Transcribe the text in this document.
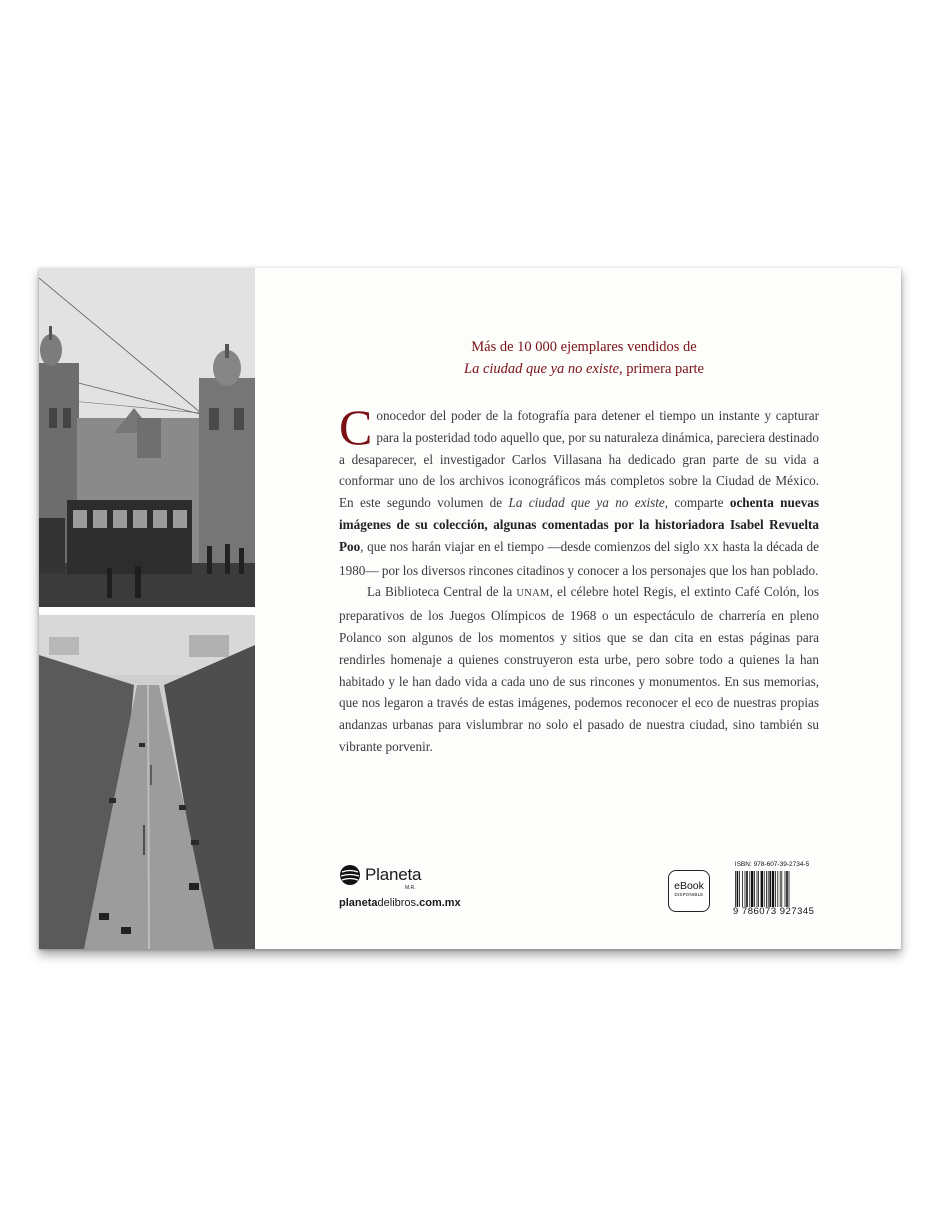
Más de 10 000 ejemplares vendidos de
La ciudad que ya no existe, primera parte

Conocedor del poder de la fotografía para detener el tiempo un instante y capturar para la posteridad todo aquello que, por su naturaleza dinámica, pareciera destinado a desaparecer, el investigador Carlos Villasana ha dedicado gran parte de su vida a conformar uno de los archivos iconográficos más completos sobre la Ciudad de México. En este segundo volumen de La ciudad que ya no existe, comparte ochenta nuevas imágenes de su colección, algunas comentadas por la historiadora Isabel Revuelta Poo, que nos harán viajar en el tiempo —desde comienzos del siglo XX hasta la década de 1980— por los diversos rincones citadinos y conocer a los personajes que los han poblado.

La Biblioteca Central de la UNAM, el célebre hotel Regis, el extinto Café Colón, los preparativos de los Juegos Olímpicos de 1968 o un espectáculo de charrería en pleno Polanco son algunos de los momentos y sitios que se dan cita en estas páginas para rendirles homenaje a quienes construyeron esta urbe, pero sobre todo a quienes la han habitado y le han dado vida a cada uno de sus rincones y monumentos. En sus memorias, que nos legaron a través de estas imágenes, podemos reconocer el eco de nuestras propias andanzas urbanas para vislumbrar no solo el pasado de nuestra ciudad, sino también su vibrante porvenir.

Planeta
M.R.
planetadelibros.com.mx
eBook
DISPONIBLE
ISBN: 978-607-39-2734-5
9 786073 927345
